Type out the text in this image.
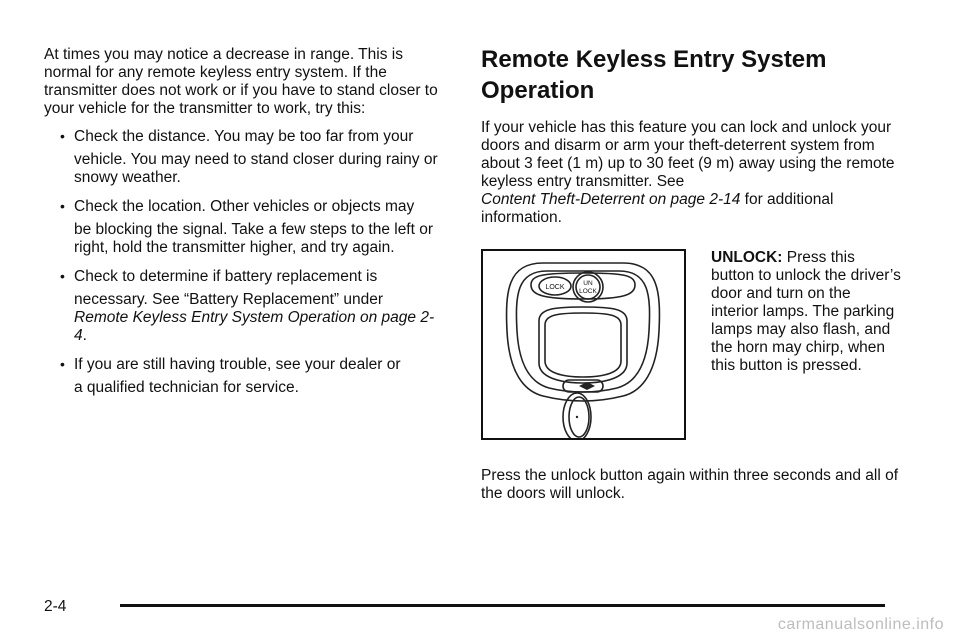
At times you may notice a decrease in range. This is normal for any remote keyless entry system. If the transmitter does not work or if you have to stand closer to your vehicle for the transmitter to work, try this:

• Check the distance. You may be too far from your
vehicle. You may need to stand closer during rainy or snowy weather.
• Check the location. Other vehicles or objects may
be blocking the signal. Take a few steps to the left or right, hold the transmitter higher, and try again.
• Check to determine if battery replacement is
necessary. See “Battery Replacement” under
Remote Keyless Entry System Operation on page 2-4.
• If you are still having trouble, see your dealer or
a qualified technician for service.
Remote Keyless Entry System Operation

If your vehicle has this feature you can lock and unlock your doors and disarm or arm your theft-deterrent system from about 3 feet (1 m) up to 30 feet (9 m) away using the remote keyless entry transmitter. See
Content Theft-Deterrent on page 2-14 for additional information.

LOCK
UN
LOCK

UNLOCK: Press this button to unlock the driver’s door and turn on the interior lamps. The parking lamps may also flash, and the horn may chirp, when this button is pressed.

Press the unlock button again within three seconds and all of the doors will unlock.

2-4
carmanualsonline.info
